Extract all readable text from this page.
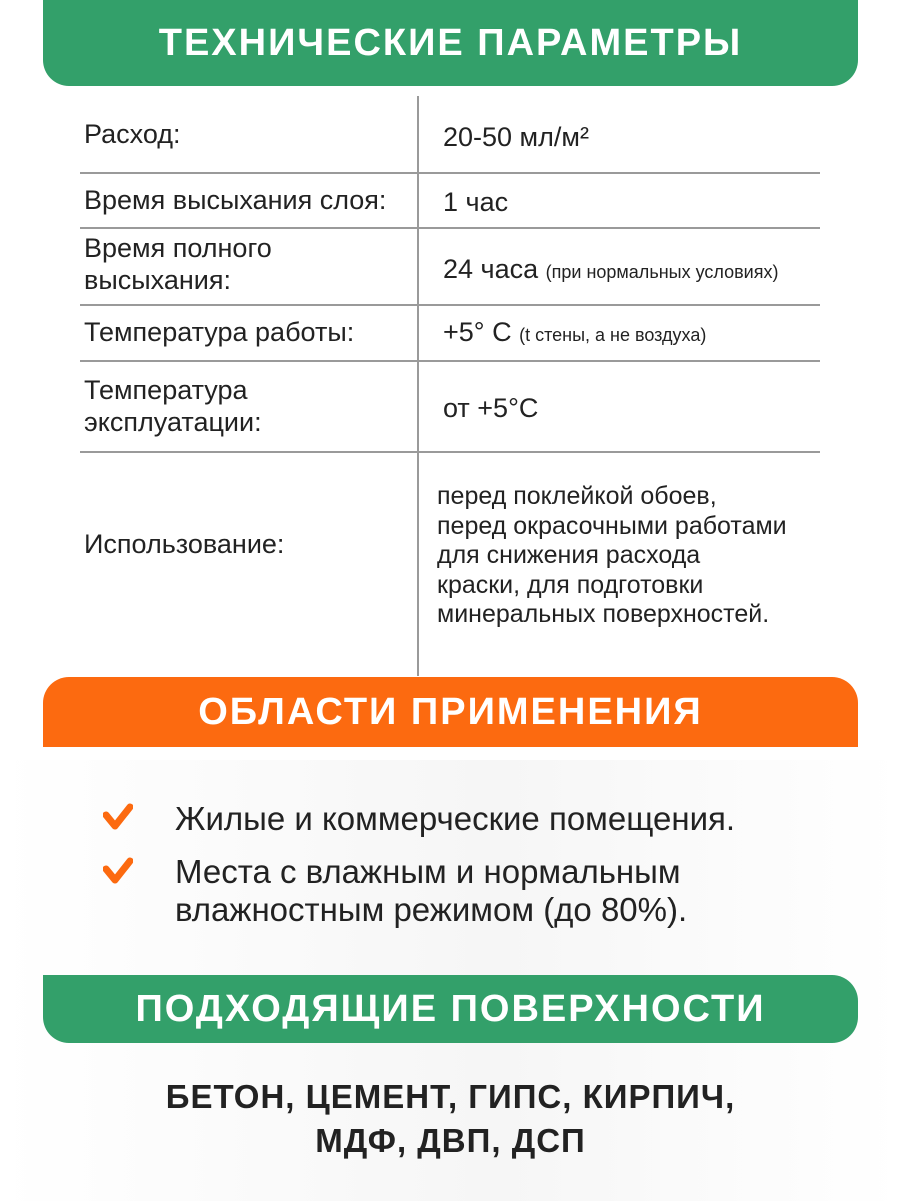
ТЕХНИЧЕСКИЕ ПАРАМЕТРЫ
Расход:	20-50 мл/м²
Время высыхания слоя:	1 час
Время полного
высыхания:	24 часа (при нормальных условиях)
Температура работы:	+5° C (t стены, а не воздуха)
Температура
эксплуатации:	от +5°С
Использование:
перед поклейкой обоев,
перед окрасочными работами
для снижения расхода
краски, для подготовки
минеральных поверхностей.
ОБЛАСТИ ПРИМЕНЕНИЯ
Жилые и коммерческие помещения.
Места с влажным и нормальным
влажностным режимом (до 80%).
ПОДХОДЯЩИЕ ПОВЕРХНОСТИ
БЕТОН, ЦЕМЕНТ, ГИПС, КИРПИЧ,
МДФ, ДВП, ДСП
